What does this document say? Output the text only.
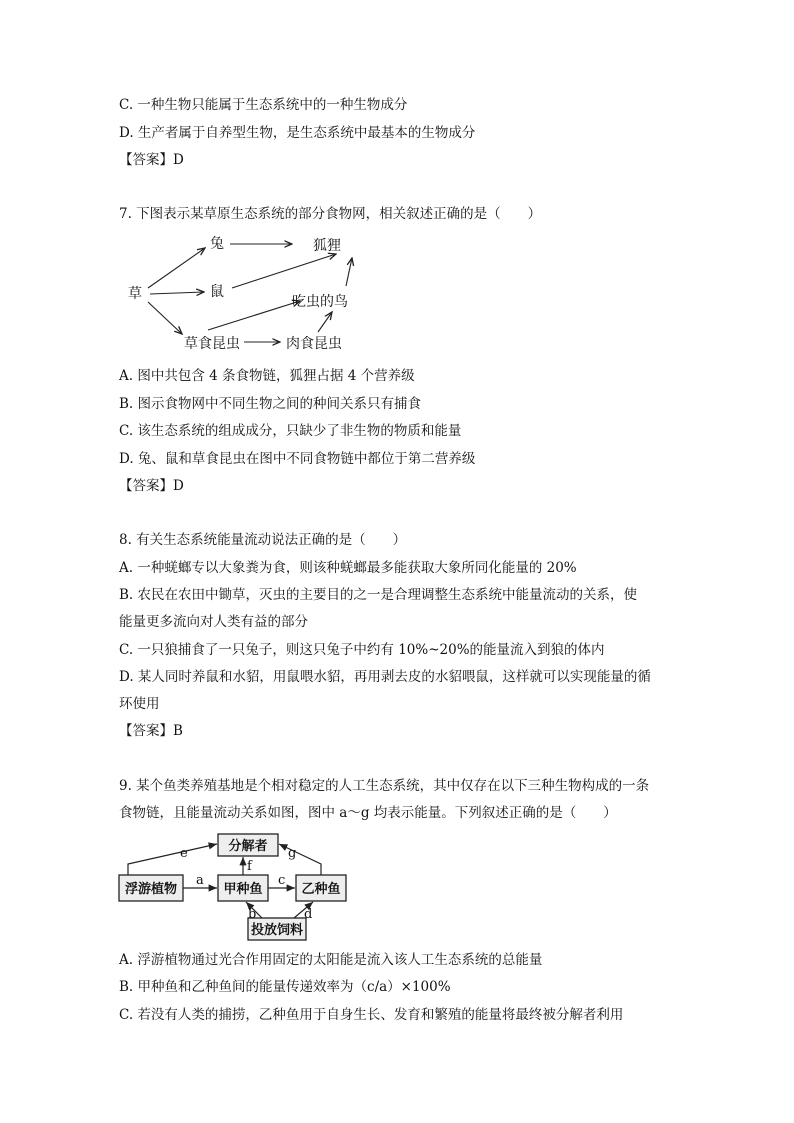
C. 一种生物只能属于生态系统中的一种生物成分
D. 生产者属于自养型生物，是生态系统中最基本的生物成分
【答案】D
7. 下图表示某草原生态系统的部分食物网，相关叙述正确的是（　　）
草
兔
鼠
狐狸
吃虫的鸟
草食昆虫	肉食昆虫
A. 图中共包含 4 条食物链，狐狸占据 4 个营养级
B. 图示食物网中不同生物之间的种间关系只有捕食
C. 该生态系统的组成成分，只缺少了非生物的物质和能量
D. 兔、鼠和草食昆虫在图中不同食物链中都位于第二营养级
【答案】D
8. 有关生态系统能量流动说法正确的是（　　）
A. 一种蜣螂专以大象粪为食，则该种蜣螂最多能获取大象所同化能量的 20%
B. 农民在农田中锄草，灭虫的主要目的之一是合理调整生态系统中能量流动的关系，使
能量更多流向对人类有益的部分
C. 一只狼捕食了一只兔子，则这只兔子中约有 10%~20%的能量流入到狼的体内
D. 某人同时养鼠和水貂，用鼠喂水貂，再用剥去皮的水貂喂鼠，这样就可以实现能量的循
环使用
【答案】B
9. 某个鱼类养殖基地是个相对稳定的人工生态系统，其中仅存在以下三种生物构成的一条
食物链，且能量流动关系如图，图中 a～g 均表示能量。下列叙述正确的是（　　）
浮游植物
分解者
甲种鱼	乙种鱼
投放饲料
a	c
f
e	g
b	d
A. 浮游植物通过光合作用固定的太阳能是流入该人工生态系统的总能量
B. 甲种鱼和乙种鱼间的能量传递效率为（c/a）×100%
C. 若没有人类的捕捞，乙种鱼用于自身生长、发育和繁殖的能量将最终被分解者利用
